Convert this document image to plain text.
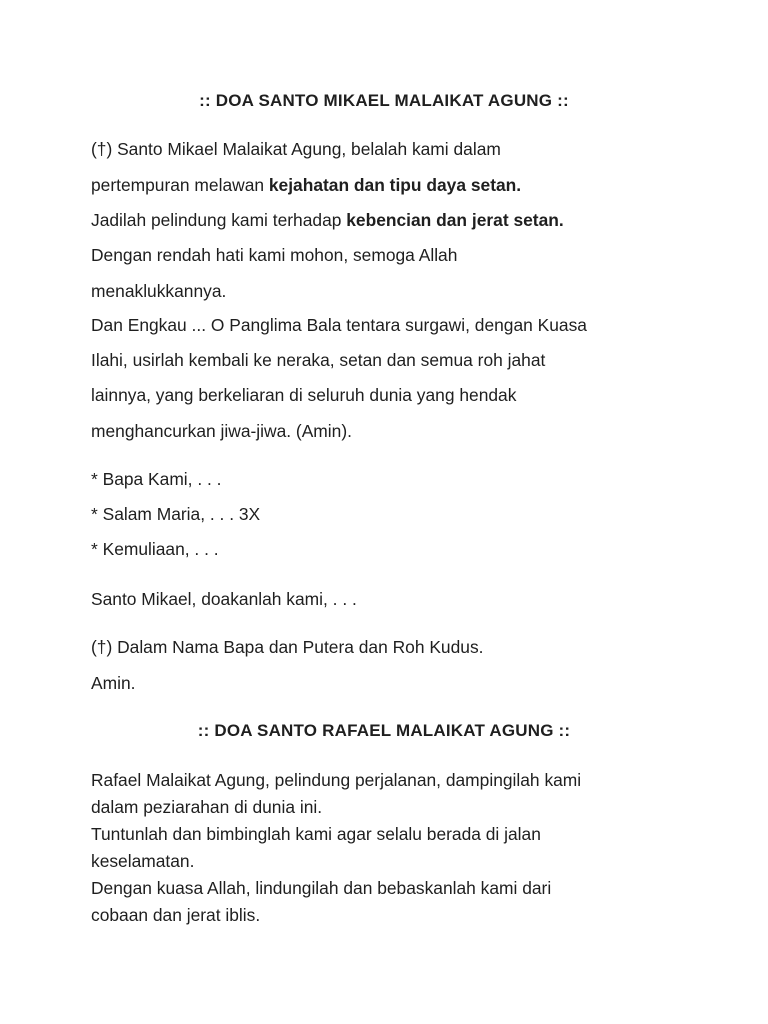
:: DOA SANTO MIKAEL MALAIKAT AGUNG ::
(†) Santo Mikael Malaikat Agung, belalah kami dalam
pertempuran melawan kejahatan dan tipu daya setan.
Jadilah pelindung kami terhadap kebencian dan jerat setan.
Dengan rendah hati kami mohon, semoga Allah
menaklukkannya.
Dan Engkau ... O Panglima Bala tentara surgawi, dengan Kuasa
Ilahi, usirlah kembali ke neraka, setan dan semua roh jahat
lainnya, yang berkeliaran di seluruh dunia yang hendak
menghancurkan jiwa-jiwa. (Amin).
* Bapa Kami, . . .
* Salam Maria, . . . 3X
* Kemuliaan, . . .
Santo Mikael, doakanlah kami, . . .
(†) Dalam Nama Bapa dan Putera dan Roh Kudus.
Amin.
:: DOA SANTO RAFAEL MALAIKAT AGUNG ::
Rafael Malaikat Agung, pelindung perjalanan, dampingilah kami
dalam peziarahan di dunia ini.
Tuntunlah dan bimbinglah kami agar selalu berada di jalan
keselamatan.
Dengan kuasa Allah, lindungilah dan bebaskanlah kami dari
cobaan dan jerat iblis.
